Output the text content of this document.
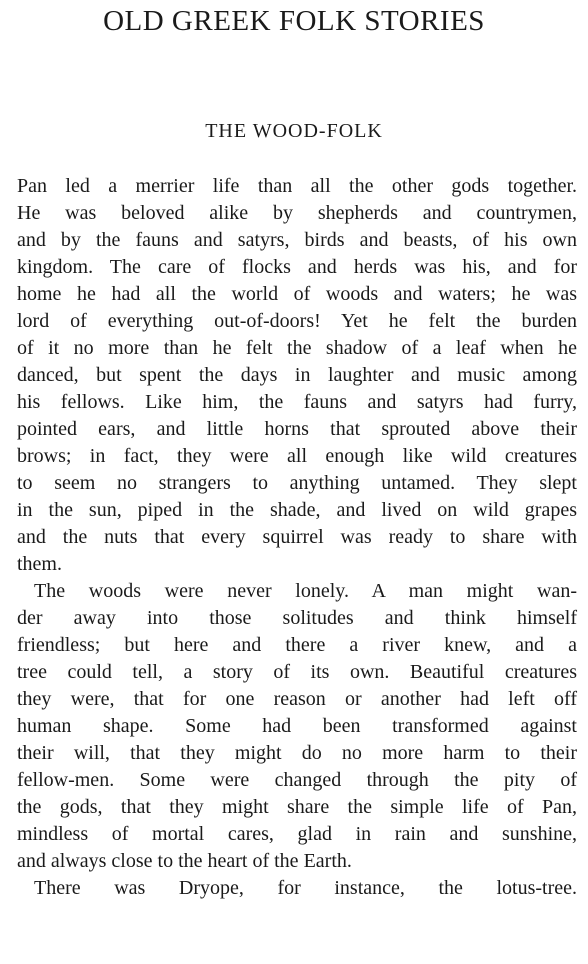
OLD GREEK FOLK STORIES
THE WOOD-FOLK
Pan led a merrier life than all the other gods together.
He was beloved alike by shepherds and countrymen,
and by the fauns and satyrs, birds and beasts, of his own
kingdom. The care of flocks and herds was his, and for
home he had all the world of woods and waters; he was
lord of everything out-of-doors! Yet he felt the burden
of it no more than he felt the shadow of a leaf when he
danced, but spent the days in laughter and music among
his fellows. Like him, the fauns and satyrs had furry,
pointed ears, and little horns that sprouted above their
brows; in fact, they were all enough like wild creatures
to seem no strangers to anything untamed. They slept
in the sun, piped in the shade, and lived on wild grapes
and the nuts that every squirrel was ready to share with
them.
The woods were never lonely. A man might wan-
der away into those solitudes and think himself
friendless; but here and there a river knew, and a
tree could tell, a story of its own. Beautiful creatures
they were, that for one reason or another had left off
human shape. Some had been transformed against
their will, that they might do no more harm to their
fellow-men. Some were changed through the pity of
the gods, that they might share the simple life of Pan,
mindless of mortal cares, glad in rain and sunshine,
and always close to the heart of the Earth.
There was Dryope, for instance, the lotus-tree.
